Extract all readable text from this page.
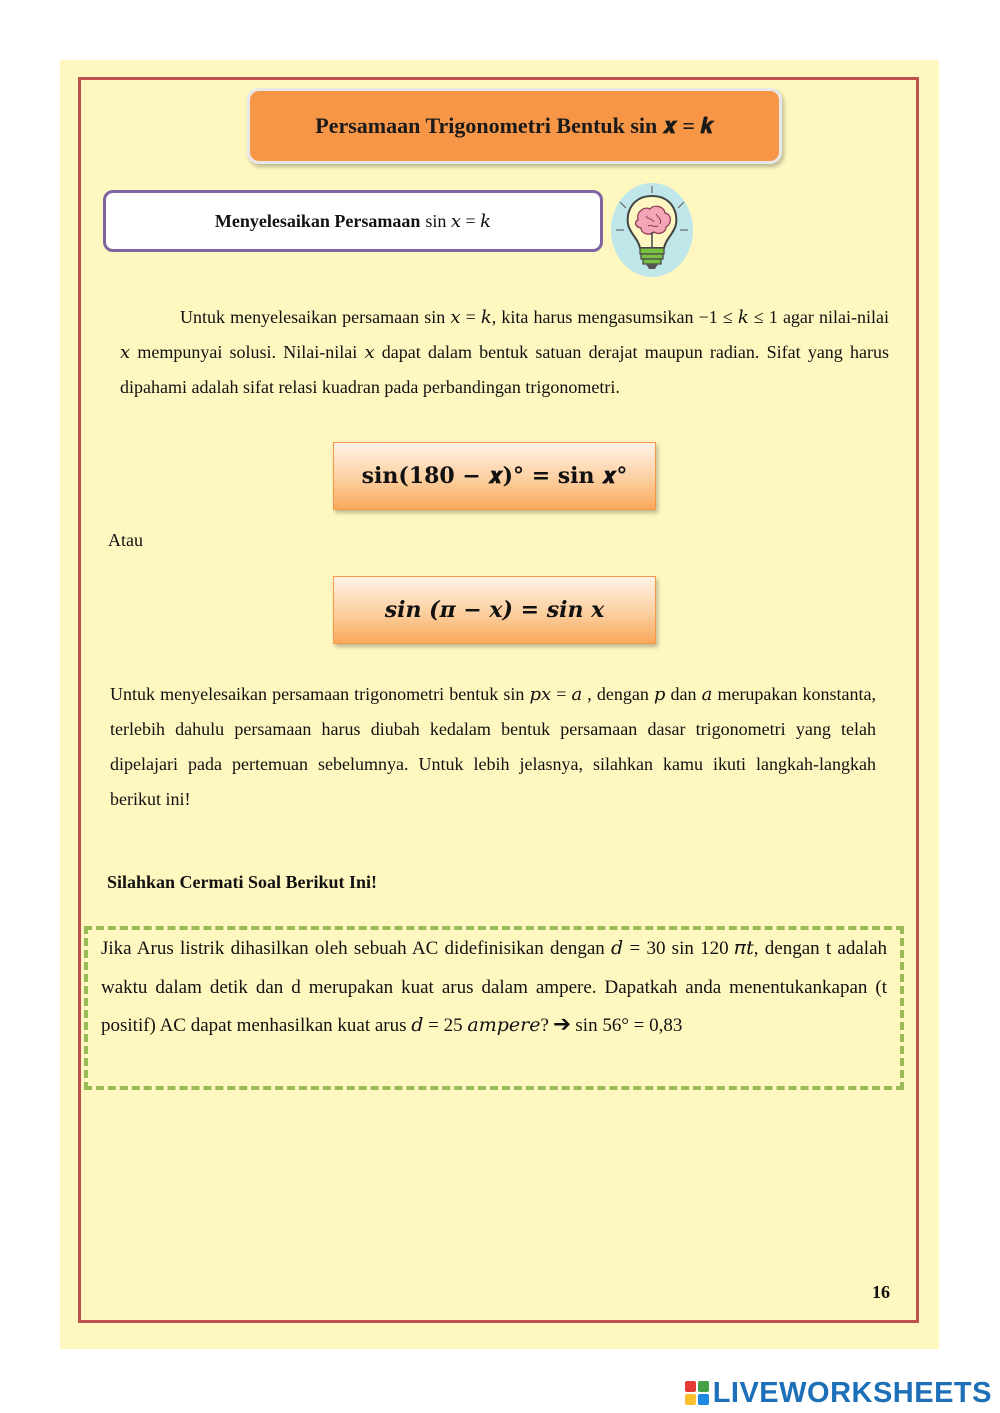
Persamaan Trigonometri Bentuk sin 𝒙 = 𝒌
Menyelesaikan Persamaan sin 𝑥 = 𝑘
Untuk menyelesaikan persamaan sin 𝑥 = 𝑘, kita harus mengasumsikan −1 ≤ 𝑘 ≤ 1 agar nilai-nilai 𝑥 mempunyai solusi. Nilai-nilai 𝑥 dapat dalam bentuk satuan derajat maupun radian. Sifat yang harus dipahami adalah sifat relasi kuadran pada perbandingan trigonometri.
sin(180 − 𝒙)° = sin 𝒙°
Atau
sin (π − x) = sin x
Untuk menyelesaikan persamaan trigonometri bentuk sin 𝑝𝑥 = 𝑎 , dengan 𝑝 dan 𝑎 merupakan konstanta, terlebih dahulu persamaan harus diubah kedalam bentuk persamaan dasar trigonometri yang telah dipelajari pada pertemuan sebelumnya. Untuk lebih jelasnya, silahkan kamu ikuti langkah-langkah berikut ini!
Silahkan Cermati Soal Berikut Ini!
Jika Arus listrik dihasilkan oleh sebuah AC didefinisikan dengan 𝑑 = 30 sin 120 𝜋𝑡, dengan t adalah waktu dalam detik dan d merupakan kuat arus dalam ampere. Dapatkah anda menentukankapan (t positif) AC dapat menhasilkan kuat arus 𝑑 = 25 𝑎𝑚𝑝𝑒𝑟𝑒? ➔ sin 56° = 0,83
16
LIVEWORKSHEETS
